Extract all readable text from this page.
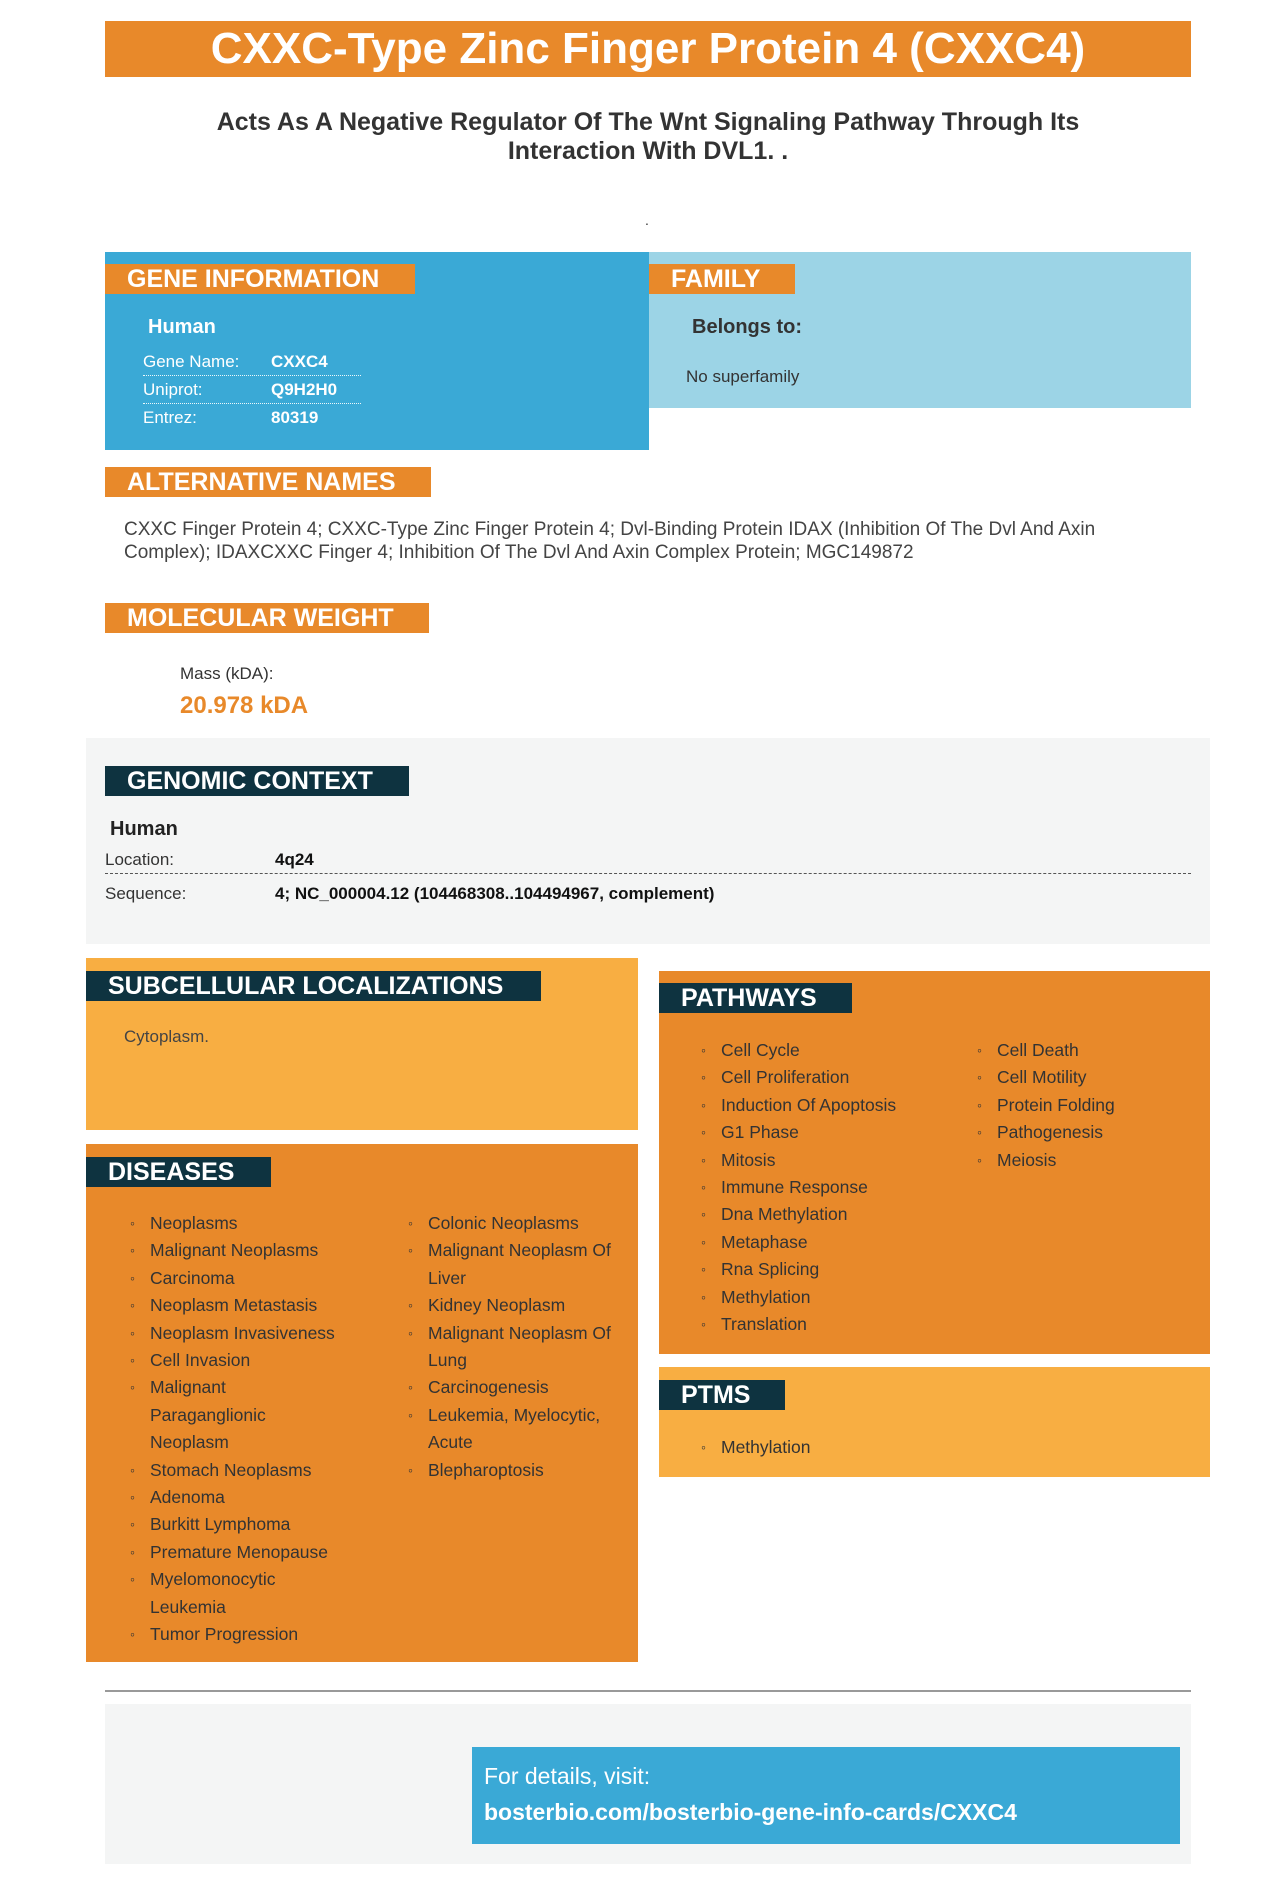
CXXC-Type Zinc Finger Protein 4 (CXXC4)
Acts As A Negative Regulator Of The Wnt Signaling Pathway Through Its Interaction With DVL1. .
.
GENE INFORMATION
Human
Gene Name: CXXC4
Uniprot:	Q9H2H0
Entrez:	80319
FAMILY
Belongs to:
No superfamily
ALTERNATIVE NAMES
CXXC Finger Protein 4; CXXC-Type Zinc Finger Protein 4; Dvl-Binding Protein IDAX (Inhibition Of The Dvl And Axin Complex); IDAXCXXC Finger 4; Inhibition Of The Dvl And Axin Complex Protein; MGC149872
MOLECULAR WEIGHT
Mass (kDA):
20.978 kDA
GENOMIC CONTEXT
Human
Location:	4q24
Sequence:	4; NC_000004.12 (104468308..104494967, complement)
SUBCELLULAR LOCALIZATIONS
Cytoplasm.
DISEASES
◦ Neoplasms
◦ Malignant Neoplasms
◦ Carcinoma
◦ Neoplasm Metastasis
◦ Neoplasm Invasiveness
◦ Cell Invasion
◦ Malignant Paraganglionic Neoplasm
◦ Stomach Neoplasms
◦ Adenoma
◦ Burkitt Lymphoma
◦ Premature Menopause
◦ Myelomonocytic Leukemia
◦ Tumor Progression
◦ Colonic Neoplasms
◦ Malignant Neoplasm Of Liver
◦ Kidney Neoplasm
◦ Malignant Neoplasm Of Lung
◦ Carcinogenesis
◦ Leukemia, Myelocytic, Acute
◦ Blepharoptosis
PATHWAYS
◦ Cell Cycle
◦ Cell Proliferation
◦ Induction Of Apoptosis
◦ G1 Phase
◦ Mitosis
◦ Immune Response
◦ Dna Methylation
◦ Metaphase
◦ Rna Splicing
◦ Methylation
◦ Translation
◦ Cell Death
◦ Cell Motility
◦ Protein Folding
◦ Pathogenesis
◦ Meiosis
PTMS
◦ Methylation
For details, visit:
bosterbio.com/bosterbio-gene-info-cards/CXXC4
